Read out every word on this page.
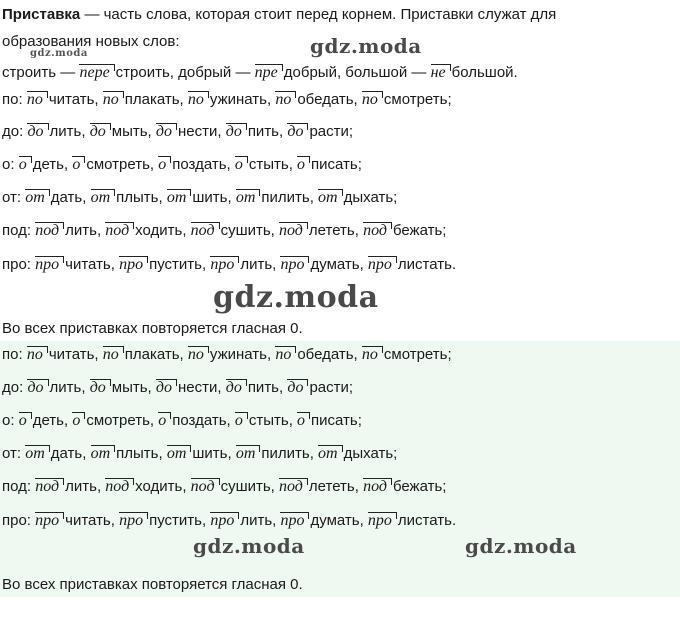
Приставка — часть слова, которая стоит перед корнем. Приставки служат для
образования новых слов:
gdz.moda	gdz.moda
строить — пере строить, добрый — пре добрый, большой — не большой.
по: по читать, по плакать, по ужинать, по обедать, по смотреть;
до: до лить, до мыть, до нести, до пить, до расти;
о: о деть, о смотреть, о поздать, о стыть, о писать;
от: от дать, от плыть, от шить, от пилить, от дыхать;
под: под лить, под ходить, под сушить, под лететь, под бежать;
про: про читать, про пустить, про лить, про думать, про листать.
gdz.moda
Во всех приставках повторяется гласная 0.
по: по читать, по плакать, по ужинать, по обедать, по смотреть;
до: до лить, до мыть, до нести, до пить, до расти;
о: о деть, о смотреть, о поздать, о стыть, о писать;
от: от дать, от плыть, от шить, от пилить, от дыхать;
под: под лить, под ходить, под сушить, под лететь, под бежать;
про: про читать, про пустить, про лить, про думать, про листать.
gdz.moda	gdz.moda
Во всех приставках повторяется гласная 0.
